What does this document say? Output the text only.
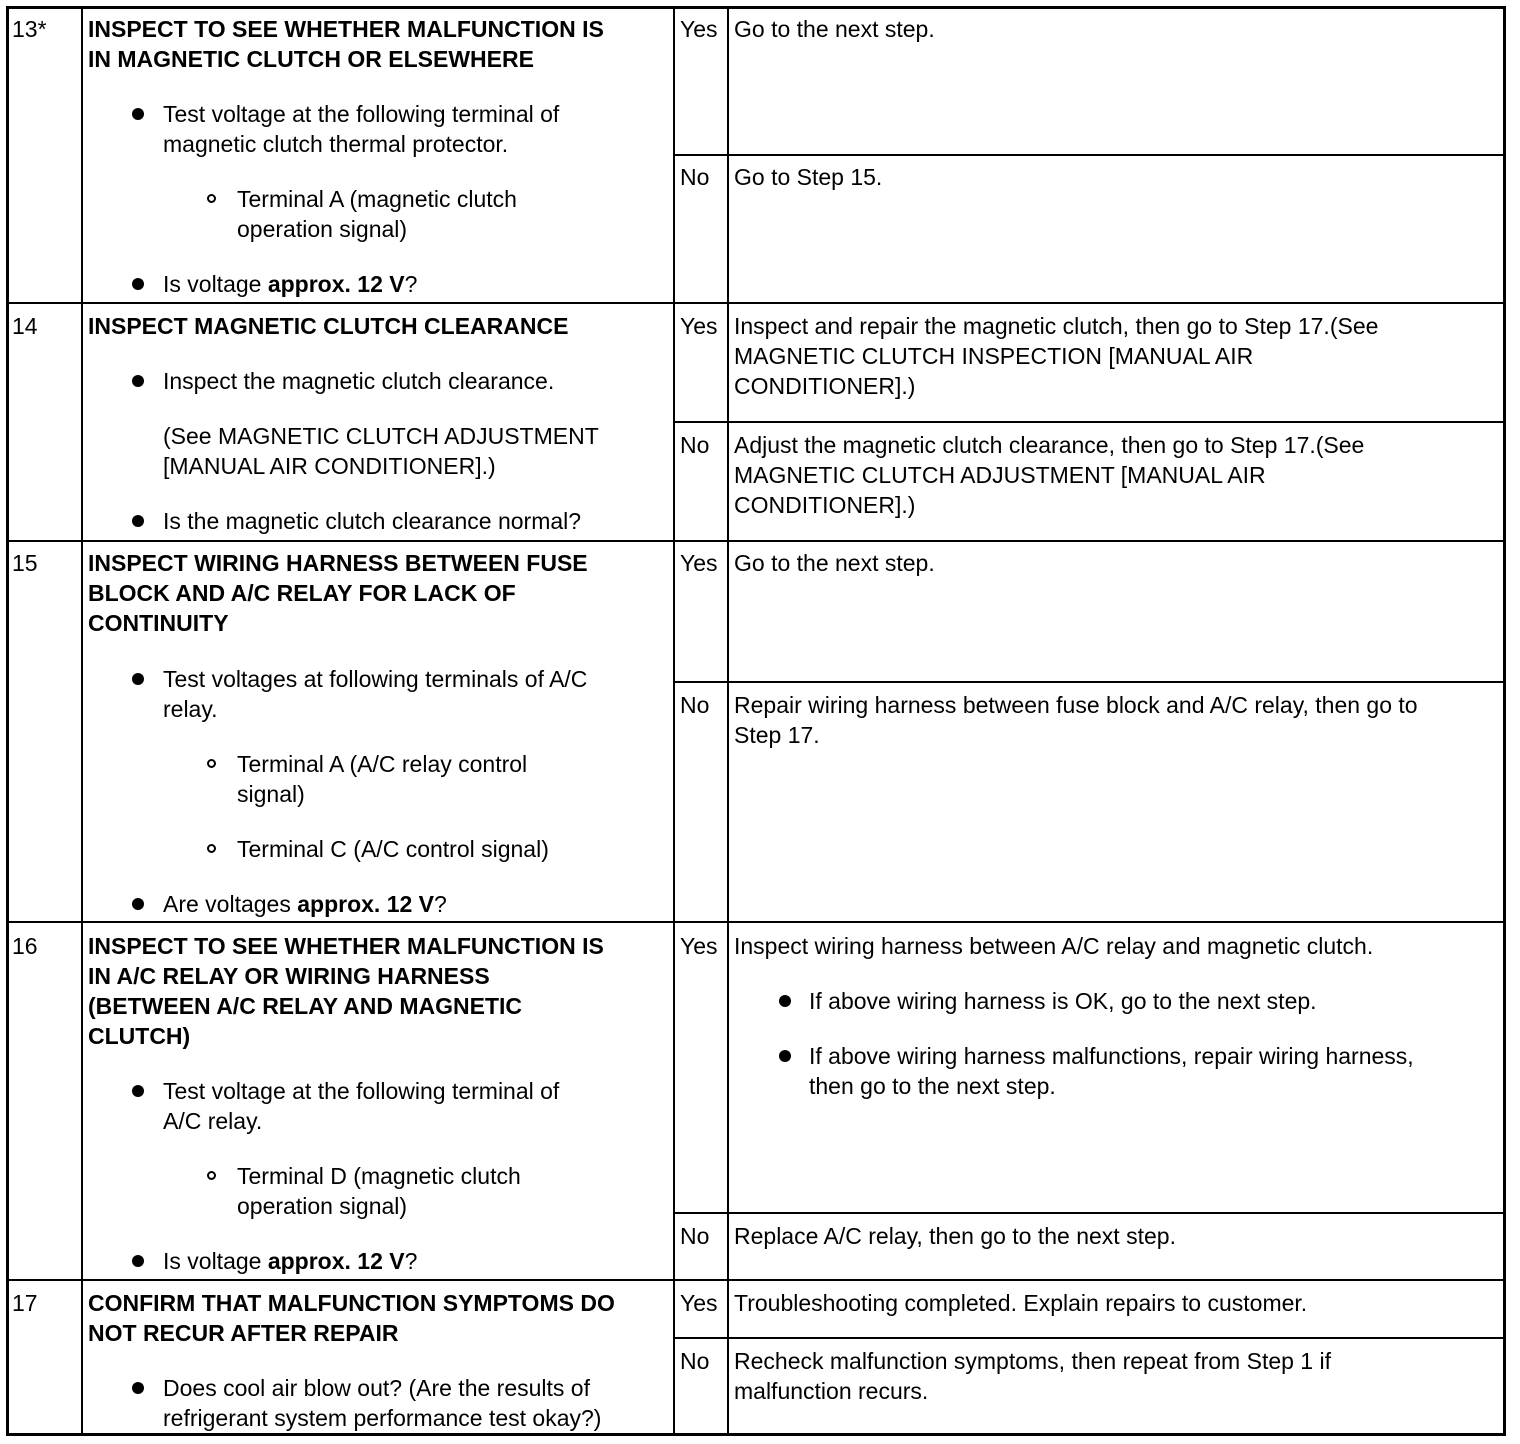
13* INSPECT TO SEE WHETHER MALFUNCTION IS
IN MAGNETIC CLUTCH OR ELSEWHERE
Test voltage at the following terminal of
magnetic clutch thermal protector.
Terminal A (magnetic clutch
operation signal)
Is voltage approx. 12 V?
Yes Go to the next step.
No Go to Step 15.
14 INSPECT MAGNETIC CLUTCH CLEARANCE
Inspect the magnetic clutch clearance.
(See MAGNETIC CLUTCH ADJUSTMENT
[MANUAL AIR CONDITIONER].)
Is the magnetic clutch clearance normal?
Yes Inspect and repair the magnetic clutch, then go to Step 17.(See
MAGNETIC CLUTCH INSPECTION [MANUAL AIR
CONDITIONER].)
No Adjust the magnetic clutch clearance, then go to Step 17.(See
MAGNETIC CLUTCH ADJUSTMENT [MANUAL AIR
CONDITIONER].)
15 INSPECT WIRING HARNESS BETWEEN FUSE
BLOCK AND A/C RELAY FOR LACK OF
CONTINUITY
Test voltages at following terminals of A/C
relay.
Terminal A (A/C relay control
signal)
Terminal C (A/C control signal)
Are voltages approx. 12 V?
Yes Go to the next step.
No Repair wiring harness between fuse block and A/C relay, then go to
Step 17.
16 INSPECT TO SEE WHETHER MALFUNCTION IS
IN A/C RELAY OR WIRING HARNESS
(BETWEEN A/C RELAY AND MAGNETIC
CLUTCH)
Test voltage at the following terminal of
A/C relay.
Terminal D (magnetic clutch
operation signal)
Is voltage approx. 12 V?
Yes Inspect wiring harness between A/C relay and magnetic clutch.
If above wiring harness is OK, go to the next step.
If above wiring harness malfunctions, repair wiring harness,
then go to the next step.
No Replace A/C relay, then go to the next step.
17 CONFIRM THAT MALFUNCTION SYMPTOMS DO
NOT RECUR AFTER REPAIR
Does cool air blow out? (Are the results of
refrigerant system performance test okay?)
Yes Troubleshooting completed. Explain repairs to customer.
No Recheck malfunction symptoms, then repeat from Step 1 if
malfunction recurs.
